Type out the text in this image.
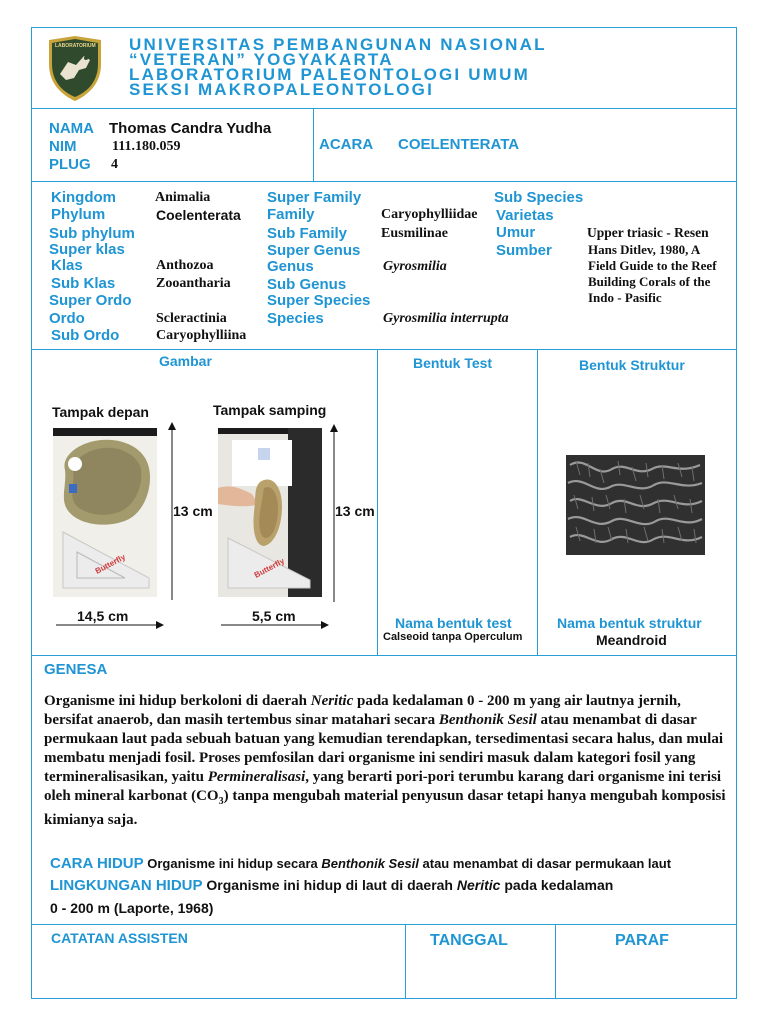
LABORATORIUM UNIVERSITAS PEMBANGUNAN NASIONAL
“VETERAN” YOGYAKARTA
LABORATORIUM PALEONTOLOGI UMUM
SEKSI MAKROPALEONTOLOGI
NAMA Thomas Candra Yudha
NIM	111.180.059
PLUG 4
ACARA COELENTERATA
Kingdom	Animalia
Phylum	Coelenterata
Sub phylum
Super klas
Klas	Anthozoa
Sub Klas	Zooantharia
Super Ordo
Ordo	Scleractinia
Sub Ordo	Caryophylliina
Super Family
Family	Caryophylliidae
Sub Family Eusmilinae
Super Genus
Genus	Gyrosmilia
Sub Genus
Super Species
Species	Gyrosmilia interrupta
Sub Species
Varietas
Umur	Upper triasic - Resen
Sumber	Hans Ditlev, 1980, A
Field Guide to the Reef
Building Corals of the
Indo - Pasific
Gambar
Tampak depan	Tampak samping
Butterfly
13 cm
Butterfly
13 cm
14,5 cm	5,5 cm
Bentuk Test	Bentuk Struktur
Nama bentuk test
Calseoid tanpa Operculum
Nama bentuk struktur
Meandroid
GENESA
Organisme ini hidup berkoloni di daerah Neritic pada kedalaman 0 - 200 m yang air lautnya jernih, bersifat anaerob, dan masih tertembus sinar matahari secara Benthonik Sesil atau menambat di dasar permukaan laut pada sebuah batuan yang kemudian terendapkan, tersedimentasi secara halus, dan mulai membatu menjadi fosil. Proses pemfosilan dari organisme ini sendiri masuk dalam kategori fosil yang termineralisasikan, yaitu Permineralisasi, yang berarti pori-pori terumbu karang dari organisme ini terisi oleh mineral karbonat $(CO_3)$ tanpa mengubah material penyusun dasar tetapi hanya mengubah komposisi kimianya saja.
CARA HIDUP Organisme ini hidup secara Benthonik Sesil atau menambat di dasar permukaan laut
LINGKUNGAN HIDUP Organisme ini hidup di laut di daerah Neritic pada kedalaman
0 - 200 m (Laporte, 1968)
CATATAN ASSISTEN	TANGGAL	PARAF
